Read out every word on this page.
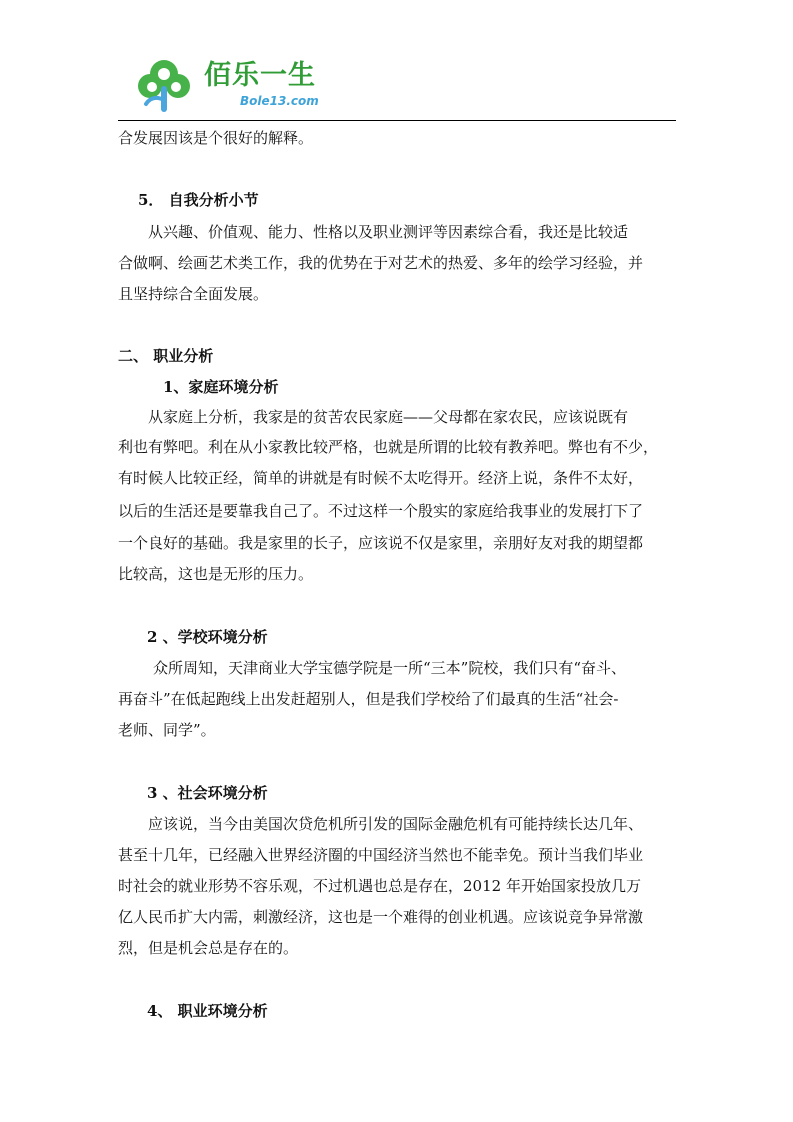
佰乐一生
Bole13.com

合发展因该是个很好的解释。

5． 自我分析小节

从兴趣、价值观、能力、性格以及职业测评等因素综合看，我还是比较适

合做啊、绘画艺术类工作，我的优势在于对艺术的热爱、多年的绘学习经验，并

且坚持综合全面发展。

二、 职业分析

1、家庭环境分析

从家庭上分析，我家是的贫苦农民家庭——父母都在家农民，应该说既有

利也有弊吧。利在从小家教比较严格，也就是所谓的比较有教养吧。弊也有不少，

有时候人比较正经，简单的讲就是有时候不太吃得开。经济上说，条件不太好，

以后的生活还是要靠我自己了。不过这样一个殷实的家庭给我事业的发展打下了

一个良好的基础。我是家里的长子，应该说不仅是家里，亲朋好友对我的期望都

比较高，这也是无形的压力。

2 、学校环境分析

众所周知，天津商业大学宝德学院是一所“三本”院校，我们只有“奋斗、

再奋斗”在低起跑线上出发赶超别人，但是我们学校给了们最真的生活“社会-

老师、同学”。

3 、社会环境分析

应该说，当今由美国次贷危机所引发的国际金融危机有可能持续长达几年、

甚至十几年，已经融入世界经济圈的中国经济当然也不能幸免。预计当我们毕业

时社会的就业形势不容乐观，不过机遇也总是存在，2012 年开始国家投放几万

亿人民币扩大内需，刺激经济，这也是一个难得的创业机遇。应该说竞争异常激

烈，但是机会总是存在的。

4、 职业环境分析
